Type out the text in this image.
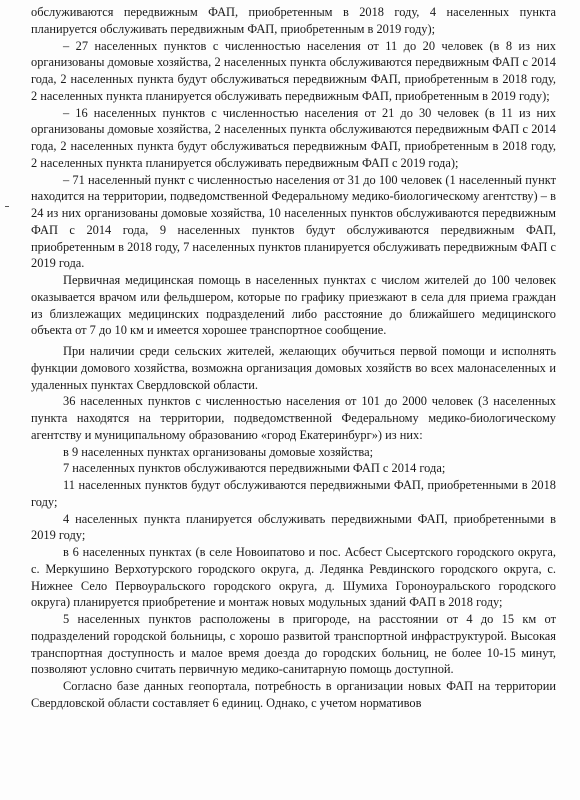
обслуживаются передвижным ФАП, приобретенным в 2018 году, 4 населенных пункта планируется обслуживать передвижным ФАП, приобретенным в 2019 году);

– 27 населенных пунктов с численностью населения от 11 до 20 человек (в 8 из них организованы домовые хозяйства, 2 населенных пункта обслуживаются передвижным ФАП с 2014 года, 2 населенных пункта будут обслуживаться передвижным ФАП, приобретенным в 2018 году, 2 населенных пункта планируется обслуживать передвижным ФАП, приобретенным в 2019 году);

– 16 населенных пунктов с численностью населения от 21 до 30 человек (в 11 из них организованы домовые хозяйства, 2 населенных пункта обслуживаются передвижным ФАП с 2014 года, 2 населенных пункта будут обслуживаться передвижным ФАП, приобретенным в 2018 году, 2 населенных пункта планируется обслуживать передвижным ФАП с 2019 года);

– 71 населенный пункт с численностью населения от 31 до 100 человек (1 населенный пункт находится на территории, подведомственной Федеральному медико-биологическому агентству) – в 24 из них организованы домовые хозяйства, 10 населенных пунктов обслуживаются передвижным ФАП с 2014 года, 9 населенных пунктов будут обслуживаются передвижным ФАП, приобретенным в 2018 году, 7 населенных пунктов планируется обслуживать передвижным ФАП с 2019 года.

Первичная медицинская помощь в населенных пунктах с числом жителей до 100 человек оказывается врачом или фельдшером, которые по графику приезжают в села для приема граждан из близлежащих медицинских подразделений либо расстояние до ближайшего медицинского объекта от 7 до 10 км и имеется хорошее транспортное сообщение.

При наличии среди сельских жителей, желающих обучиться первой помощи и исполнять функции домового хозяйства, возможна организация домовых хозяйств во всех малонаселенных и удаленных пунктах Свердловской области.

36 населенных пунктов с численностью населения от 101 до 2000 человек (3 населенных пункта находятся на территории, подведомственной Федеральному медико-биологическому агентству и муниципальному образованию «город Екатеринбург») из них:

в 9 населенных пунктах организованы домовые хозяйства;

7 населенных пунктов обслуживаются передвижными ФАП с 2014 года;

11 населенных пунктов будут обслуживаются передвижными ФАП, приобретенными в 2018 году;

4 населенных пункта планируется обслуживать передвижными ФАП, приобретенными в 2019 году;

в 6 населенных пунктах (в селе Новоипатово и пос. Асбест Сысертского городского округа, с. Меркушино Верхотурского городского округа, д. Ледянка Ревдинского городского округа, с. Нижнее Село Первоуральского городского округа, д. Шумиха Гороноуральского городского округа) планируется приобретение и монтаж новых модульных зданий ФАП в 2018 году;

5 населенных пунктов расположены в пригороде, на расстоянии от 4 до 15 км от подразделений городской больницы, с хорошо развитой транспортной инфраструктурой. Высокая транспортная доступность и малое время доезда до городских больниц, не более 10-15 минут, позволяют условно считать первичную медико-санитарную помощь доступной.

Согласно базе данных геопортала, потребность в организации новых ФАП на территории Свердловской области составляет 6 единиц. Однако, с учетом нормативов
